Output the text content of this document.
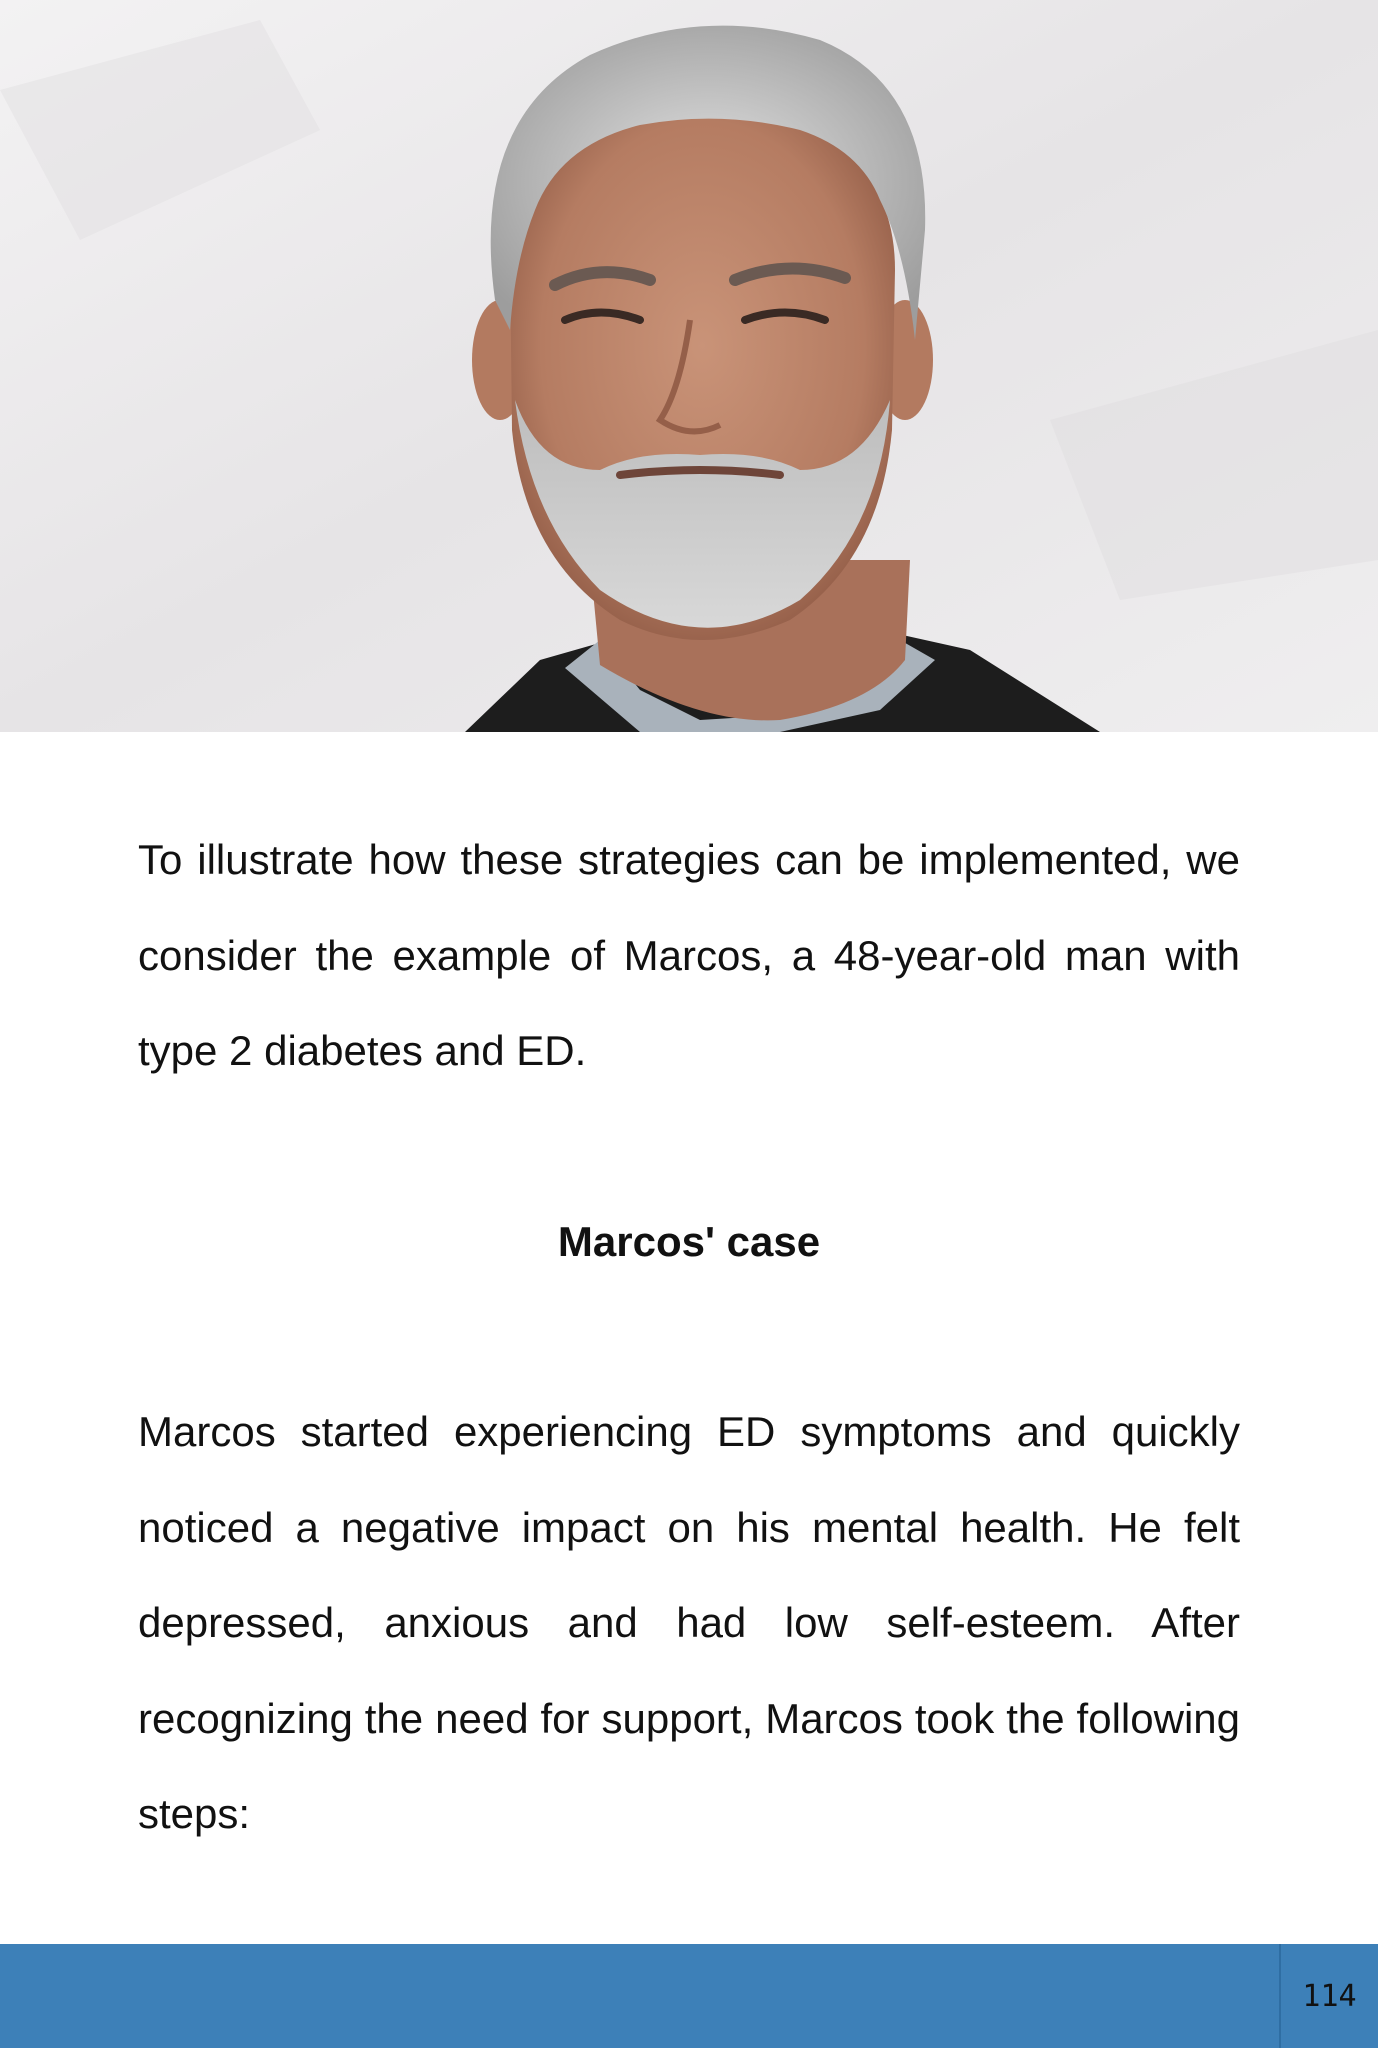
To illustrate how these strategies can be implemented, we consider the example of Marcos, a 48-year-old man with type 2 diabetes and ED.

Marcos' case

Marcos started experiencing ED symptoms and quickly noticed a negative impact on his mental health. He felt depressed, anxious and had low self-esteem. After recognizing the need for support, Marcos took the following steps:

114
